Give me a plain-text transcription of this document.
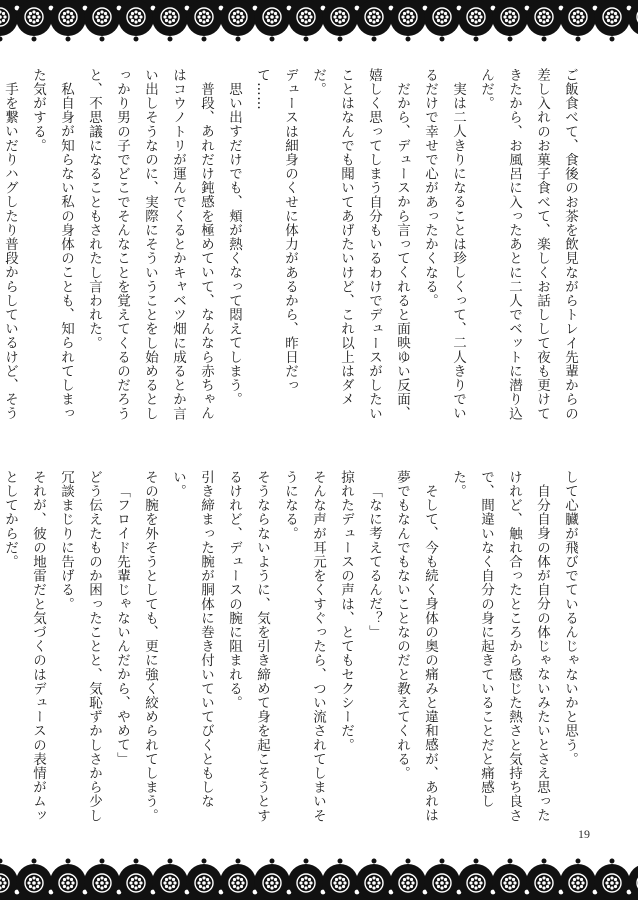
ご飯食べて、食後のお茶を飲見ながらトレイ先輩からの差し入れのお菓子食べて、楽しくお話しして夜も更けてきたから、お風呂に入ったあとに二人でベットに潜り込んだ。

実は二人きりになることは珍しくって、二人きりでいるだけで幸せで心があったかくなる。

だから、デュースから言ってくれると面映ゆい反面、嬉しく思ってしまう自分もいるわけでデュースがしたいことはなんでも聞いてあげたいけど、これ以上はダメだ。

デュースは細身のくせに体力があるから、昨日だって……

思い出すだけでも、頬が熱くなって悶えてしまう。

普段、あれだけ鈍感を極めていて、なんなら赤ちゃんはコウノトリが運んでくるとかキャベツ畑に成るとか言い出しそうなのに、実際にそういうことをし始めるとしっかり男の子でどこでそんなことを覚えてくるのだろうと、不思議になることもされたし言われた。

私自身が知らない私の身体のことも、知られてしまった気がする。

手を繋いだりハグしたり普段からしているけど、そう

して心臓が飛びでているんじゃないかと思う。

自分自身の体が自分の体じゃないみたいとさえ思ったけれど、触れ合ったところから感じた熱さと気持ち良さで、間違いなく自分の身に起きていることだと痛感した。

そして、今も続く身体の奥の痛みと違和感が、あれは夢でもなんでもないことなのだと教えてくれる。

「なに考えてるんだ？」

掠れたデュースの声は、とてもセクシーだ。

そんな声が耳元をくすぐったら、つい流されてしまいそうになる。

そうならないように、気を引き締めて身を起こそうとするけれど、デュースの腕に阻まれる。

引き締まった腕が胴体に巻き付いていてびくともしない。

その腕を外そうとしても、更に強く絞められてしまう。

「フロイド先輩じゃないんだから、やめて」

どう伝えたものか困ったことと、気恥ずかしさから少し冗談まじりに告げる。

それが、彼の地雷だと気づくのはデュースの表情がムッとしてからだ。

19
